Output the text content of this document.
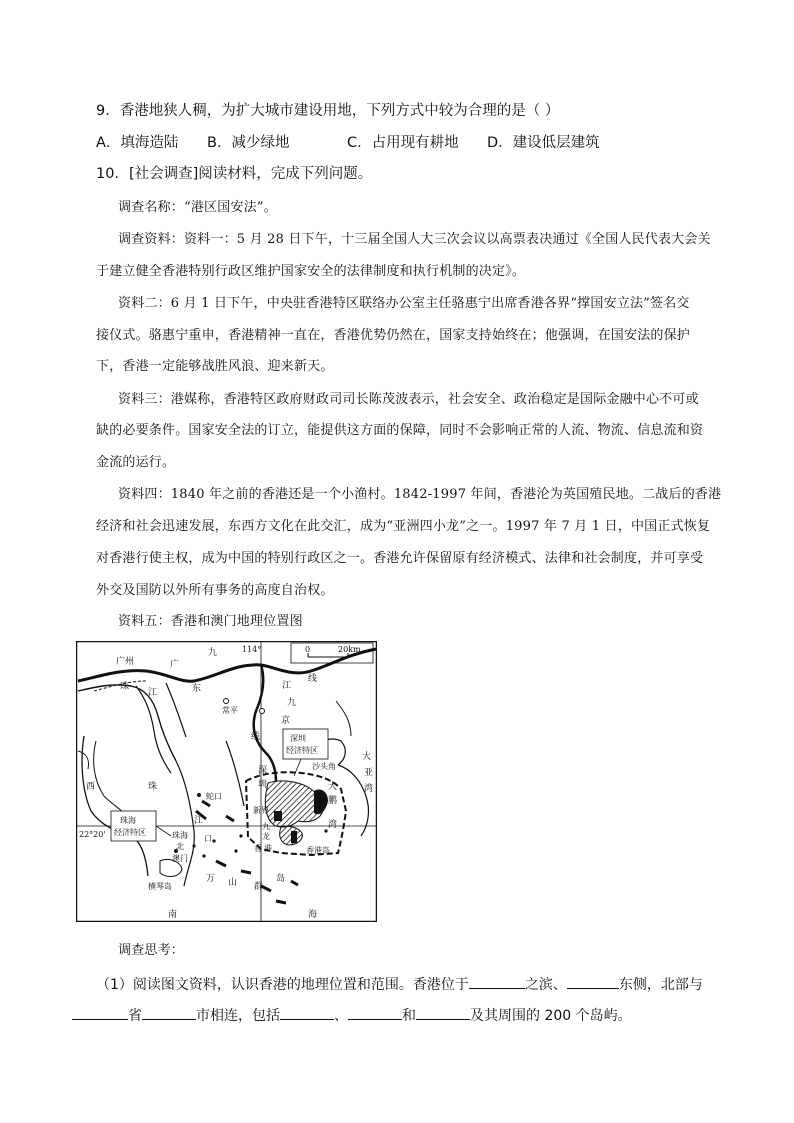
9．香港地狭人稠，为扩大城市建设用地，下列方式中较为合理的是（ ）
A．填海造陆 B．减少绿地	C．占用现有耕地 D．建设低层建筑
10．[社会调查]阅读材料，完成下列问题。
调查名称：“港区国安法”。
调查资料：资料一：5 月 28 日下午，十三届全国人大三次会议以高票表决通过《全国人民代表大会关
于建立健全香港特别行政区维护国家安全的法律制度和执行机制的决定》。
资料二：6 月 1 日下午，中央驻香港特区联络办公室主任骆惠宁出席香港各界“撑国安立法”签名交
接仪式。骆惠宁重申，香港精神一直在，香港优势仍然在，国家支持始终在；他强调，在国安法的保护
下，香港一定能够战胜风浪、迎来新天。
资料三：港媒称，香港特区政府财政司司长陈茂波表示，社会安全、政治稳定是国际金融中心不可或
缺的必要条件。国家安全法的订立，能提供这方面的保障，同时不会影响正常的人流、物流、信息流和资
金流的运行。
资料四：1840 年之前的香港还是一个小渔村。1842-1997 年间，香港沦为英国殖民地。二战后的香港
经济和社会迅速发展，东西方文化在此交汇，成为“亚洲四小龙”之一。1997 年 7 月 1 日，中国正式恢复
对香港行使主权，成为中国的特别行政区之一。香港允许保留原有经济模式、法律和社会制度，并可享受
外交及国防以外所有事务的高度自治权。
资料五：香港和澳门地理位置图
114°
22°20'
0	20km
广州	广
九
珠
江	东
常平
江
线
九
京
线	深圳
经济特区
沙头角
大
亚
湾
深
圳
西	珠
蛇口
珠海
经济特区
新界
大
鹏
湾
江
九
龙
珠海 口
北
澳门
香 港	香港岛
横琴岛
万 山 群
岛
南	海
调查思考：
（1）阅读图文资料，认识香港的地理位置和范围。香港位于	之滨、	东侧，北部与
省	市相连，包括	、	和	及其周围的 200 个岛屿。
